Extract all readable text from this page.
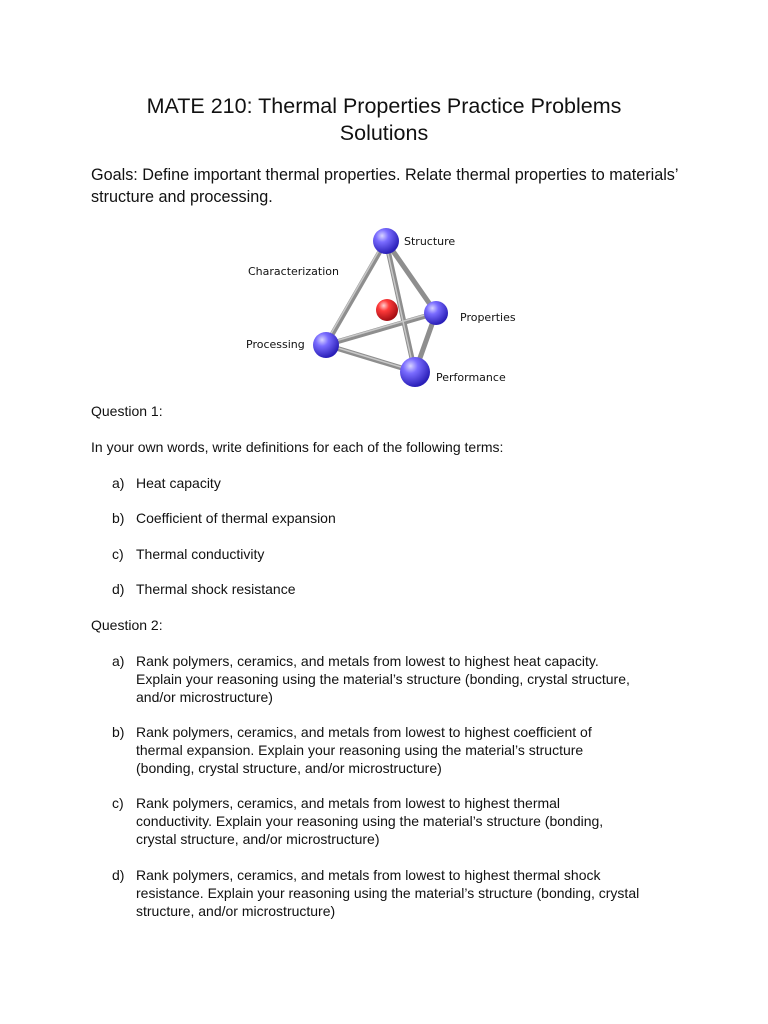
MATE 210: Thermal Properties Practice Problems
Solutions
Goals: Define important thermal properties. Relate thermal properties to materials’ structure and processing.
Structure
Characterization
Properties
Processing
Performance
Question 1:
In your own words, write definitions for each of the following terms:
a) Heat capacity
b) Coefficient of thermal expansion
c) Thermal conductivity
d) Thermal shock resistance
Question 2:
a) Rank polymers, ceramics, and metals from lowest to highest heat capacity.
Explain your reasoning using the material’s structure (bonding, crystal structure,
and/or microstructure)
b) Rank polymers, ceramics, and metals from lowest to highest coefficient of
thermal expansion. Explain your reasoning using the material’s structure
(bonding, crystal structure, and/or microstructure)
c) Rank polymers, ceramics, and metals from lowest to highest thermal
conductivity. Explain your reasoning using the material’s structure (bonding,
crystal structure, and/or microstructure)
d) Rank polymers, ceramics, and metals from lowest to highest thermal shock
resistance. Explain your reasoning using the material’s structure (bonding, crystal
structure, and/or microstructure)
